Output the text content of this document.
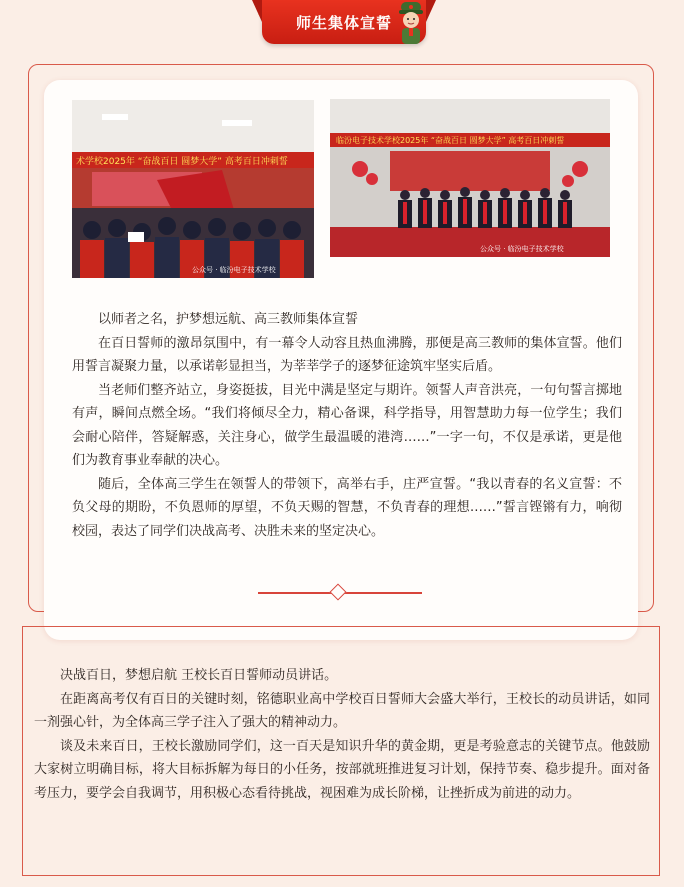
师生集体宣誓
术学校2025年 “奋战百日 圆梦大学” 高考百日冲刺誓
公众号 · 临汾电子技术学校
临汾电子技术学校2025年 “奋战百日 圆梦大学” 高考百日冲刺誓
公众号 · 临汾电子技术学校

以师者之名，护梦想远航、高三教师集体宣誓

在百日誓师的激昂氛围中，有一幕令人动容且热血沸腾，那便是高三教师的集体宣誓。他们用誓言凝聚力量，以承诺彰显担当，为莘莘学子的逐梦征途筑牢坚实后盾。

当老师们整齐站立，身姿挺拔，目光中满是坚定与期许。领誓人声音洪亮，一句句誓言掷地有声，瞬间点燃全场。“我们将倾尽全力，精心备课，科学指导，用智慧助力每一位学生；我们会耐心陪伴，答疑解惑，关注身心，做学生最温暖的港湾……”一字一句，不仅是承诺，更是他们为教育事业奉献的决心。

随后，全体高三学生在领誓人的带领下，高举右手，庄严宣誓。“我以青春的名义宣誓：不负父母的期盼，不负恩师的厚望，不负天赐的智慧，不负青春的理想……”誓言铿锵有力，响彻校园，表达了同学们决战高考、决胜未来的坚定决心。

决战百日，梦想启航 王校长百日誓师动员讲话。

在距离高考仅有百日的关键时刻，铭德职业高中学校百日誓师大会盛大举行，王校长的动员讲话，如同一剂强心针，为全体高三学子注入了强大的精神动力。

谈及未来百日，王校长激励同学们，这一百天是知识升华的黄金期，更是考验意志的关键节点。他鼓励大家树立明确目标，将大目标拆解为每日的小任务，按部就班推进复习计划，保持节奏、稳步提升。面对备考压力，要学会自我调节，用积极心态看待挑战，视困难为成长阶梯，让挫折成为前进的动力。
